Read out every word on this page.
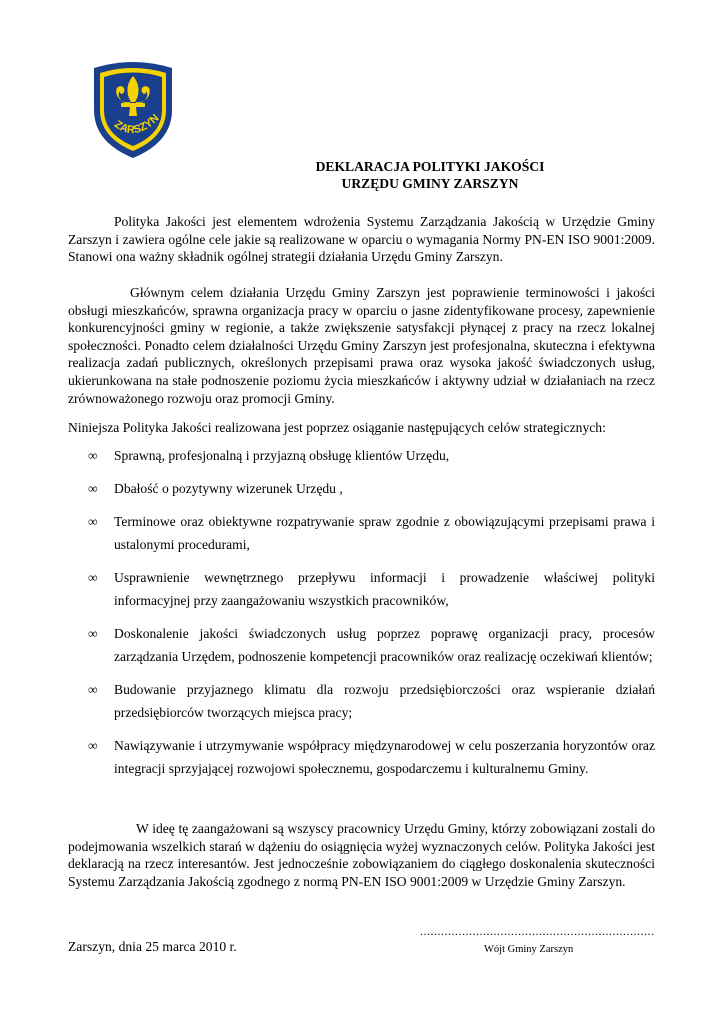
ZARSZYN
DEKLARACJA POLITYKI JAKOŚCI
URZĘDU GMINY ZARSZYN
Polityka Jakości jest elementem wdrożenia Systemu Zarządzania Jakością w Urzędzie Gminy Zarszyn i zawiera ogólne cele jakie są realizowane w oparciu o wymagania Normy PN-EN ISO 9001:2009. Stanowi ona ważny składnik ogólnej strategii działania Urzędu Gminy Zarszyn.
Głównym celem działania Urzędu Gminy Zarszyn jest poprawienie terminowości i jakości obsługi mieszkańców, sprawna organizacja pracy w oparciu o jasne zidentyfikowane procesy, zapewnienie konkurencyjności gminy w regionie, a także zwiększenie satysfakcji płynącej z pracy na rzecz lokalnej społeczności. Ponadto celem działalności Urzędu Gminy Zarszyn jest profesjonalna, skuteczna i efektywna realizacja zadań publicznych, określonych przepisami prawa oraz wysoka jakość świadczonych usług, ukierunkowana na stałe podnoszenie poziomu życia mieszkańców i aktywny udział w działaniach na rzecz zrównoważonego rozwoju oraz promocji Gminy.
Niniejsza Polityka Jakości realizowana jest poprzez osiąganie następujących celów strategicznych:
∞ Sprawną, profesjonalną i przyjazną obsługę klientów Urzędu,
∞ Dbałość o pozytywny wizerunek Urzędu ,
∞ Terminowe oraz obiektywne rozpatrywanie spraw zgodnie z obowiązującymi przepisami prawa i ustalonymi procedurami,
∞ Usprawnienie wewnętrznego przepływu informacji i prowadzenie właściwej polityki informacyjnej przy zaangażowaniu wszystkich pracowników,
∞ Doskonalenie jakości świadczonych usług poprzez poprawę organizacji pracy, procesów zarządzania Urzędem, podnoszenie kompetencji pracowników oraz realizację oczekiwań klientów;
∞ Budowanie przyjaznego klimatu dla rozwoju przedsiębiorczości oraz wspieranie działań przedsiębiorców tworzących miejsca pracy;
∞ Nawiązywanie i utrzymywanie współpracy międzynarodowej w celu poszerzania horyzontów oraz integracji sprzyjającej rozwojowi społecznemu, gospodarczemu i kulturalnemu Gminy.
W ideę tę zaangażowani są wszyscy pracownicy Urzędu Gminy, którzy zobowiązani zostali do podejmowania wszelkich starań w dążeniu do osiągnięcia wyżej wyznaczonych celów. Polityka Jakości jest deklaracją na rzecz interesantów. Jest jednocześnie zobowiązaniem do ciągłego doskonalenia skuteczności Systemu Zarządzania Jakością zgodnego z normą PN-EN ISO 9001:2009 w Urzędzie Gminy Zarszyn.
...................................................................
Zarszyn, dnia 25 marca 2010 r.	Wójt Gminy Zarszyn
